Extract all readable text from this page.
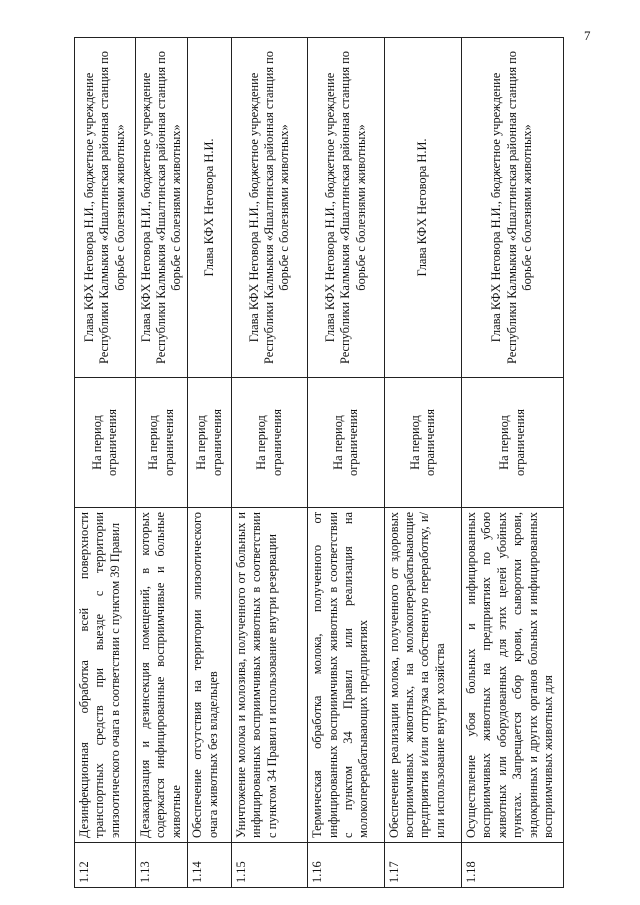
7
1.12	Дезинфекционная обработка всей поверхности транспортных средств при выезде с территории эпизоотического очага в соответствии с пунктом 39 Правил	На период ограничения	Глава КФХ Неговора Н.И., бюджетное учреждение Республики Калмыкия «Яшалтинская районная станция по борьбе с болезнями животных»
1.13	Дезакаризация и дезинсекция помещений, в которых содержатся инфицированные восприимчивые и больные животные	На период ограничения	Глава КФХ Неговора Н.И., бюджетное учреждение Республики Калмыкия «Яшалтинская районная станция по борьбе с болезнями животных»
1.14	Обеспечение отсутствия на территории эпизоотического очага животных без владельцев	На период ограничения	Глава КФХ Неговора Н.И.
1.15	Уничтожение молока и молозива, полученного от больных и инфицированных восприимчивых животных в соответствии с пунктом 34 Правил и использование внутри резервации	На период ограничения	Глава КФХ Неговора Н.И., бюджетное учреждение Республики Калмыкия «Яшалтинская районная станция по борьбе с болезнями животных»
1.16	Термическая обработка молока, полученного от инфицированных восприимчивых животных в соответствии с пунктом 34 Правил или реализация на молокоперерабатывающих предприятиях	На период ограничения	Глава КФХ Неговора Н.И., бюджетное учреждение Республики Калмыкия «Яшалтинская районная станция по борьбе с болезнями животных»
1.17	Обеспечение реализации молока, полученного от здоровых восприимчивых животных, на молокоперерабатывающие предприятия и/или отгрузка на собственную переработку, и/или использование внутри хозяйства	На период ограничения	Глава КФХ Неговора Н.И.
1.18	Осуществление убоя больных и инфицированных восприимчивых животных на предприятиях по убою животных или оборудованных для этих целей убойных пунктах. Запрещается сбор крови, сыворотки крови, эндокринных и других органов больных и инфицированных восприимчивых животных для	На период ограничения	Глава КФХ Неговора Н.И., бюджетное учреждение Республики Калмыкия «Яшалтинская районная станция по борьбе с болезнями животных»
